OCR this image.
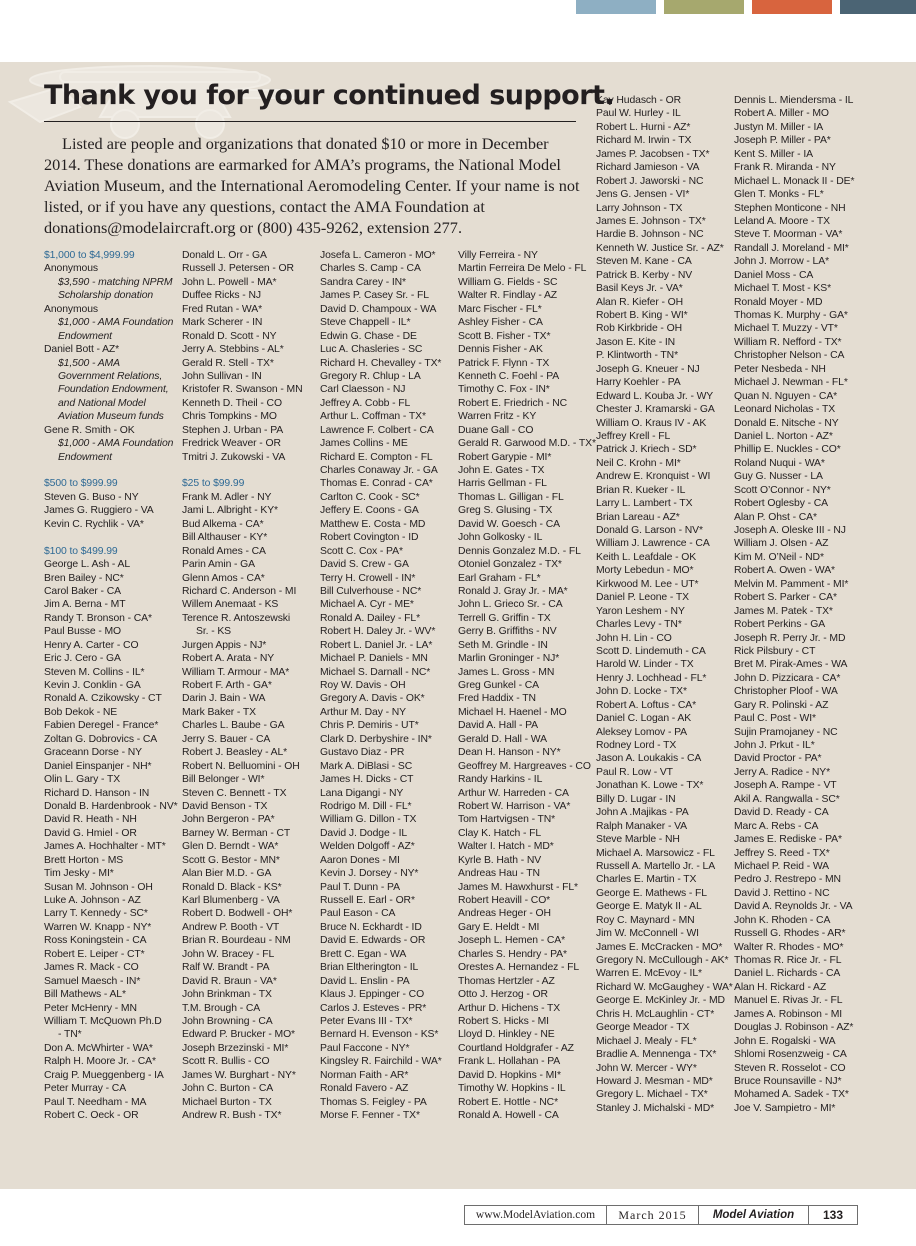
Thank you for your continued support.

Listed are people and organizations that donated $10 or more in December 2014. These donations are earmarked for AMA’s programs, the National Model Aviation Museum, and the International Aeromodeling Center. If your name is not listed, or if you have any questions, contact the AMA Foundation at donations@modelaircraft.org or (800) 435-9262, extension 277.

$1,000 to $4,999.99
Anonymous
$3,590 - matching NPRM
Scholarship donation
Anonymous
$1,000 - AMA Foundation
Endowment
Daniel Bott - AZ*
$1,500 - AMA
Government Relations,
Foundation Endowment,
and National Model
Aviation Museum funds
Gene R. Smith - OK
$1,000 - AMA Foundation
Endowment
$500 to $999.99
Steven G. Buso - NY
James G. Ruggiero - VA
Kevin C. Rychlik - VA*
$100 to $499.99
George L. Ash - AL
Bren Bailey - NC*
Carol Baker - CA
Jim A. Berna - MT
Randy T. Bronson - CA*
Paul Busse - MO
Henry A. Carter - CO
Eric J. Cero - GA
Steven M. Collins - IL*
Kevin J. Conklin - GA
Ronald A. Czikowsky - CT
Bob Dekok - NE
Fabien Deregel - France*
Zoltan G. Dobrovics - CA
Graceann Dorse - NY
Daniel Einspanjer - NH*
Olin L. Gary - TX
Richard D. Hanson - IN
Donald B. Hardenbrook - NV*
David R. Heath - NH
David G. Hmiel - OR
James A. Hochhalter - MT*
Brett Horton - MS
Tim Jesky - MI*
Susan M. Johnson - OH
Luke A. Johnson - AZ
Larry T. Kennedy - SC*
Warren W. Knapp - NY*
Ross Koningstein - CA
Robert E. Leiper - CT*
James R. Mack - CO
Samuel Maesch - IN*
Bill Mathews - AL*
Peter McHenry - MN
William T. McQuown Ph.D
- TN*
Don A. McWhirter - WA*
Ralph H. Moore Jr. - CA*
Craig P. Mueggenberg - IA
Peter Murray - CA
Paul T. Needham - MA
Robert C. Oeck - OR
Donald L. Orr - GA
Russell J. Petersen - OR
John L. Powell - MA*
Duffee Ricks - NJ
Fred Rutan - WA*
Mark Scherer - IN
Ronald D. Scott - NY
Jerry A. Stebbins - AL*
Gerald R. Stell - TX*
John Sullivan - IN
Kristofer R. Swanson - MN
Kenneth D. Theil - CO
Chris Tompkins - MO
Stephen J. Urban - PA
Fredrick Weaver - OR
Tmitri J. Zukowski - VA
$25 to $99.99
Frank M. Adler - NY
Jami L. Albright - KY*
Bud Alkema - CA*
Bill Althauser - KY*
Ronald Ames - CA
Parin Amin - GA
Glenn Amos - CA*
Richard C. Anderson - MI
Willem Anemaat - KS
Terence R. Antoszewski
Sr. - KS
Jurgen Appis - NJ*
Robert A. Arata - NY
William T. Armour - MA*
Robert F. Arth - GA*
Darin J. Bain - WA
Mark Baker - TX
Charles L. Baube - GA
Jerry S. Bauer - CA
Robert J. Beasley - AL*
Robert N. Belluomini - OH
Bill Belonger - WI*
Steven C. Bennett - TX
David Benson - TX
John Bergeron - PA*
Barney W. Berman - CT
Glen D. Berndt - WA*
Scott G. Bestor - MN*
Alan Bier M.D. - GA
Ronald D. Black - KS*
Karl Blumenberg - VA
Robert D. Bodwell - OH*
Andrew P. Booth - VT
Brian R. Bourdeau - NM
John W. Bracey - FL
Ralf W. Brandt - PA
David R. Braun - VA*
John Brinkman - TX
T.M. Brough - CA
John Browning - CA
Edward P. Brucker - MO*
Joseph Brzezinski - MI*
Scott R. Bullis - CO
James W. Burghart - NY*
John C. Burton - CA
Michael Burton - TX
Andrew R. Bush - TX*
Josefa L. Cameron - MO*
Charles S. Camp - CA
Sandra Carey - IN*
James P. Casey Sr. - FL
David D. Champoux - WA
Steve Chappell - IL*
Edwin G. Chase - DE
Luc A. Chasleries - SC
Richard H. Chevalley - TX*
Gregory R. Chlup - LA
Carl Claesson - NJ
Jeffrey A. Cobb - FL
Arthur L. Coffman - TX*
Lawrence F. Colbert - CA
James Collins - ME
Richard E. Compton - FL
Charles Conaway Jr. - GA
Thomas E. Conrad - CA*
Carlton C. Cook - SC*
Jeffery E. Coons - GA
Matthew E. Costa - MD
Robert Covington - ID
Scott C. Cox - PA*
David S. Crew - GA
Terry H. Crowell - IN*
Bill Culverhouse - NC*
Michael A. Cyr - ME*
Ronald A. Dailey - FL*
Robert H. Daley Jr. - WV*
Robert L. Daniel Jr. - LA*
Michael P. Daniels - MN
Michael S. Darnall - NC*
Roy W. Davis - OH
Gregory A. Davis - OK*
Arthur M. Day - NY
Chris P. Demiris - UT*
Clark D. Derbyshire - IN*
Gustavo Diaz - PR
Mark A. DiBlasi - SC
James H. Dicks - CT
Lana Digangi - NY
Rodrigo M. Dill - FL*
William G. Dillon - TX
David J. Dodge - IL
Welden Dolgoff - AZ*
Aaron Dones - MI
Kevin J. Dorsey - NY*
Paul T. Dunn - PA
Russell E. Earl - OR*
Paul Eason - CA
Bruce N. Eckhardt - ID
David E. Edwards - OR
Brett C. Egan - WA
Brian Eltherington - IL
David L. Enslin - PA
Klaus J. Eppinger - CO
Carlos J. Esteves - PR*
Peter Evans III - TX*
Bernard H. Evenson - KS*
Paul Faccone - NY*
Kingsley R. Fairchild - WA*
Norman Faith - AR*
Ronald Favero - AZ
Thomas S. Feigley - PA
Morse F. Fenner - TX*
Villy Ferreira - NY
Martin Ferreira De Melo - FL
William G. Fields - SC
Walter R. Findlay - AZ
Marc Fischer - FL*
Ashley Fisher - CA
Scott B. Fisher - TX*
Dennis Fisher - AK
Patrick F. Flynn - TX
Kenneth C. Foehl - PA
Timothy C. Fox - IN*
Robert E. Friedrich - NC
Warren Fritz - KY
Duane Gall - CO
Gerald R. Garwood M.D. - TX*
Robert Garypie - MI*
John E. Gates - TX
Harris Gellman - FL
Thomas L. Gilligan - FL
Greg S. Glusing - TX
David W. Goesch - CA
John Golkosky - IL
Dennis Gonzalez M.D. - FL
Otoniel Gonzalez - TX*
Earl Graham - FL*
Ronald J. Gray Jr. - MA*
John L. Grieco Sr. - CA
Terrell G. Griffin - TX
Gerry B. Griffiths - NV
Seth M. Grindle - IN
Marlin Groninger - NJ*
James L. Gross - MN
Greg Gunkel - CA
Fred Haddix - TN
Michael H. Haenel - MO
David A. Hall - PA
Gerald D. Hall - WA
Dean H. Hanson - NY*
Geoffrey M. Hargreaves - CO
Randy Harkins - IL
Arthur W. Harreden - CA
Robert W. Harrison - VA*
Tom Hartvigsen - TN*
Clay K. Hatch - FL
Walter I. Hatch - MD*
Kyrle B. Hath - NV
Andreas Hau - TN
James M. Hawxhurst - FL*
Robert Heavill - CO*
Andreas Heger - OH
Gary E. Heldt - MI
Joseph L. Hemen - CA*
Charles S. Hendry - PA*
Orestes A. Hernandez - FL
Thomas Hertzler - AZ
Otto J. Herzog - OR
Arthur D. Hichens - TX
Robert S. Hicks - MI
Lloyd D. Hinkley - NE
Courtland Holdgrafer - AZ
Frank L. Hollahan - PA
David D. Hopkins - MI*
Timothy W. Hopkins - IL
Robert E. Hottle - NC*
Ronald A. Howell - CA
Kay Hudasch - OR
Paul W. Hurley - IL
Robert L. Hurni - AZ*
Richard M. Irwin - TX
James P. Jacobsen - TX*
Richard Jamieson - VA
Robert J. Jaworski - NC
Jens G. Jensen - VI*
Larry Johnson - TX
James E. Johnson - TX*
Hardie B. Johnson - NC
Kenneth W. Justice Sr. - AZ*
Steven M. Kane - CA
Patrick B. Kerby - NV
Basil Keys Jr. - VA*
Alan R. Kiefer - OH
Robert B. King - WI*
Rob Kirkbride - OH
Jason E. Kite - IN
P. Klintworth - TN*
Joseph G. Kneuer - NJ
Harry Koehler - PA
Edward L. Kouba Jr. - WY
Chester J. Kramarski - GA
William O. Kraus IV - AK
Jeffrey Krell - FL
Patrick J. Kriech - SD*
Neil C. Krohn - MI*
Andrew E. Kronquist - WI
Brian R. Kueker - IL
Larry L. Lambert - TX
Brian Lareau - AZ*
Donald G. Larson - NV*
William J. Lawrence - CA
Keith L. Leafdale - OK
Morty Lebedun - MO*
Kirkwood M. Lee - UT*
Daniel P. Leone - TX
Yaron Leshem - NY
Charles Levy - TN*
John H. Lin - CO
Scott D. Lindemuth - CA
Harold W. Linder - TX
Henry J. Lochhead - FL*
John D. Locke - TX*
Robert A. Loftus - CA*
Daniel C. Logan - AK
Aleksey Lomov - PA
Rodney Lord - TX
Jason A. Loukakis - CA
Paul R. Low - VT
Jonathan K. Lowe - TX*
Billy D. Lugar - IN
John A .Majikas - PA
Ralph Manaker - VA
Steve Marble - NH
Michael A. Marsowicz - FL
Russell A. Martello Jr. - LA
Charles E. Martin - TX
George E. Mathews - FL
George E. Matyk II - AL
Roy C. Maynard - MN
Jim W. McConnell - WI
James E. McCracken - MO*
Gregory N. McCullough - AK*
Warren E. McEvoy - IL*
Richard W. McGaughey - WA*
George E. McKinley Jr. - MD
Chris H. McLaughlin - CT*
George Meador - TX
Michael J. Mealy - FL*
Bradlie A. Mennenga - TX*
John W. Mercer - WY*
Howard J. Mesman - MD*
Gregory L. Michael - TX*
Stanley J. Michalski - MD*
Dennis L. Miendersma - IL
Robert A. Miller - MO
Justyn M. Miller - IA
Joseph P. Miller - PA*
Kent S. Miller - IA
Frank R. Miranda - NY
Michael L. Monack II - DE*
Glen T. Monks - FL*
Stephen Monticone - NH
Leland A. Moore - TX
Steve T. Moorman - VA*
Randall J. Moreland - MI*
John J. Morrow - LA*
Daniel Moss - CA
Michael T. Most - KS*
Ronald Moyer - MD
Thomas K. Murphy - GA*
Michael T. Muzzy - VT*
William R. Nefford - TX*
Christopher Nelson - CA
Peter Nesbeda - NH
Michael J. Newman - FL*
Quan N. Nguyen - CA*
Leonard Nicholas - TX
Donald E. Nitsche - NY
Daniel L. Norton - AZ*
Phillip E. Nuckles - CO*
Roland Nuqui - WA*
Guy G. Nusser - LA
Scott O’Connor - NY*
Robert Oglesby - CA
Alan P. Ohst - CA*
Joseph A. Oleske III - NJ
William J. Olsen - AZ
Kim M. O’Neil - ND*
Robert A. Owen - WA*
Melvin M. Pamment - MI*
Robert S. Parker - CA*
James M. Patek - TX*
Robert Perkins - GA
Joseph R. Perry Jr. - MD
Rick Pilsbury - CT
Bret M. Pirak-Ames - WA
John D. Pizzicara - CA*
Christopher Ploof - WA
Gary R. Polinski - AZ
Paul C. Post - WI*
Sujin Pramojaney - NC
John J. Prkut - IL*
David Proctor - PA*
Jerry A. Radice - NY*
Joseph A. Rampe - VT
Akil A. Rangwalla - SC*
David D. Ready - CA
Marc A. Rebs - CA
James E. Rediske - PA*
Jeffrey S. Reed - TX*
Michael P. Reid - WA
Pedro J. Restrepo - MN
David J. Rettino - NC
David A. Reynolds Jr. - VA
John K. Rhoden - CA
Russell G. Rhodes - AR*
Walter R. Rhodes - MO*
Thomas R. Rice Jr. - FL
Daniel L. Richards - CA
Alan H. Rickard - AZ
Manuel E. Rivas Jr. - FL
James A. Robinson - MI
Douglas J. Robinson - AZ*
John E. Rogalski - WA
Shlomi Rosenzweig - CA
Steven R. Rosselot - CO
Bruce Rounsaville - NJ*
Mohamed A. Sadek - TX*
Joe V. Sampietro - MI*
www.ModelAviation.com	March 2015	Model Aviation	133
